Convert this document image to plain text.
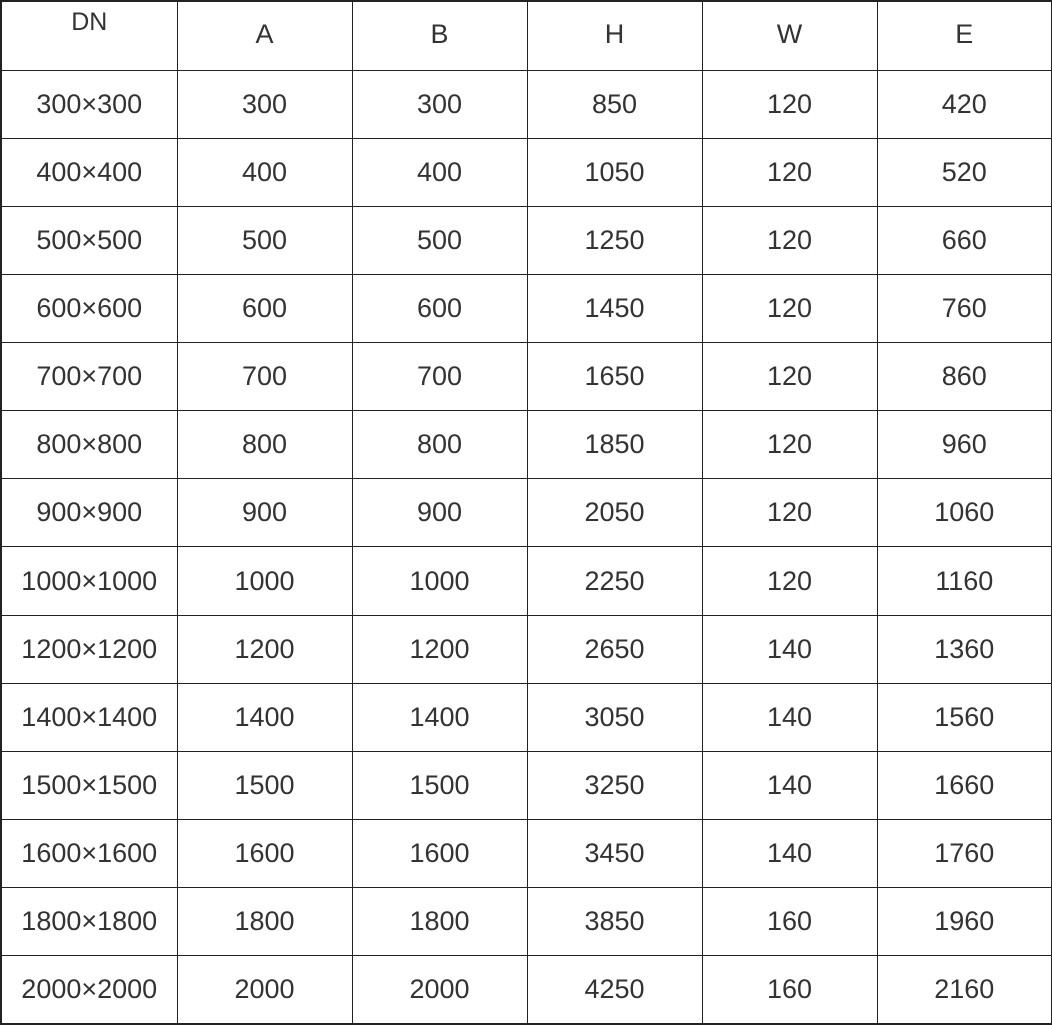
DN	A	B	H	W	E
300×300	300	300	850	120	420
400×400	400	400	1050	120	520
500×500	500	500	1250	120	660
600×600	600	600	1450	120	760
700×700	700	700	1650	120	860
800×800	800	800	1850	120	960
900×900	900	900	2050	120	1060
1000×1000	1000	1000	2250	120	1160
1200×1200	1200	1200	2650	140	1360
1400×1400	1400	1400	3050	140	1560
1500×1500	1500	1500	3250	140	1660
1600×1600	1600	1600	3450	140	1760
1800×1800	1800	1800	3850	160	1960
2000×2000	2000	2000	4250	160	2160
